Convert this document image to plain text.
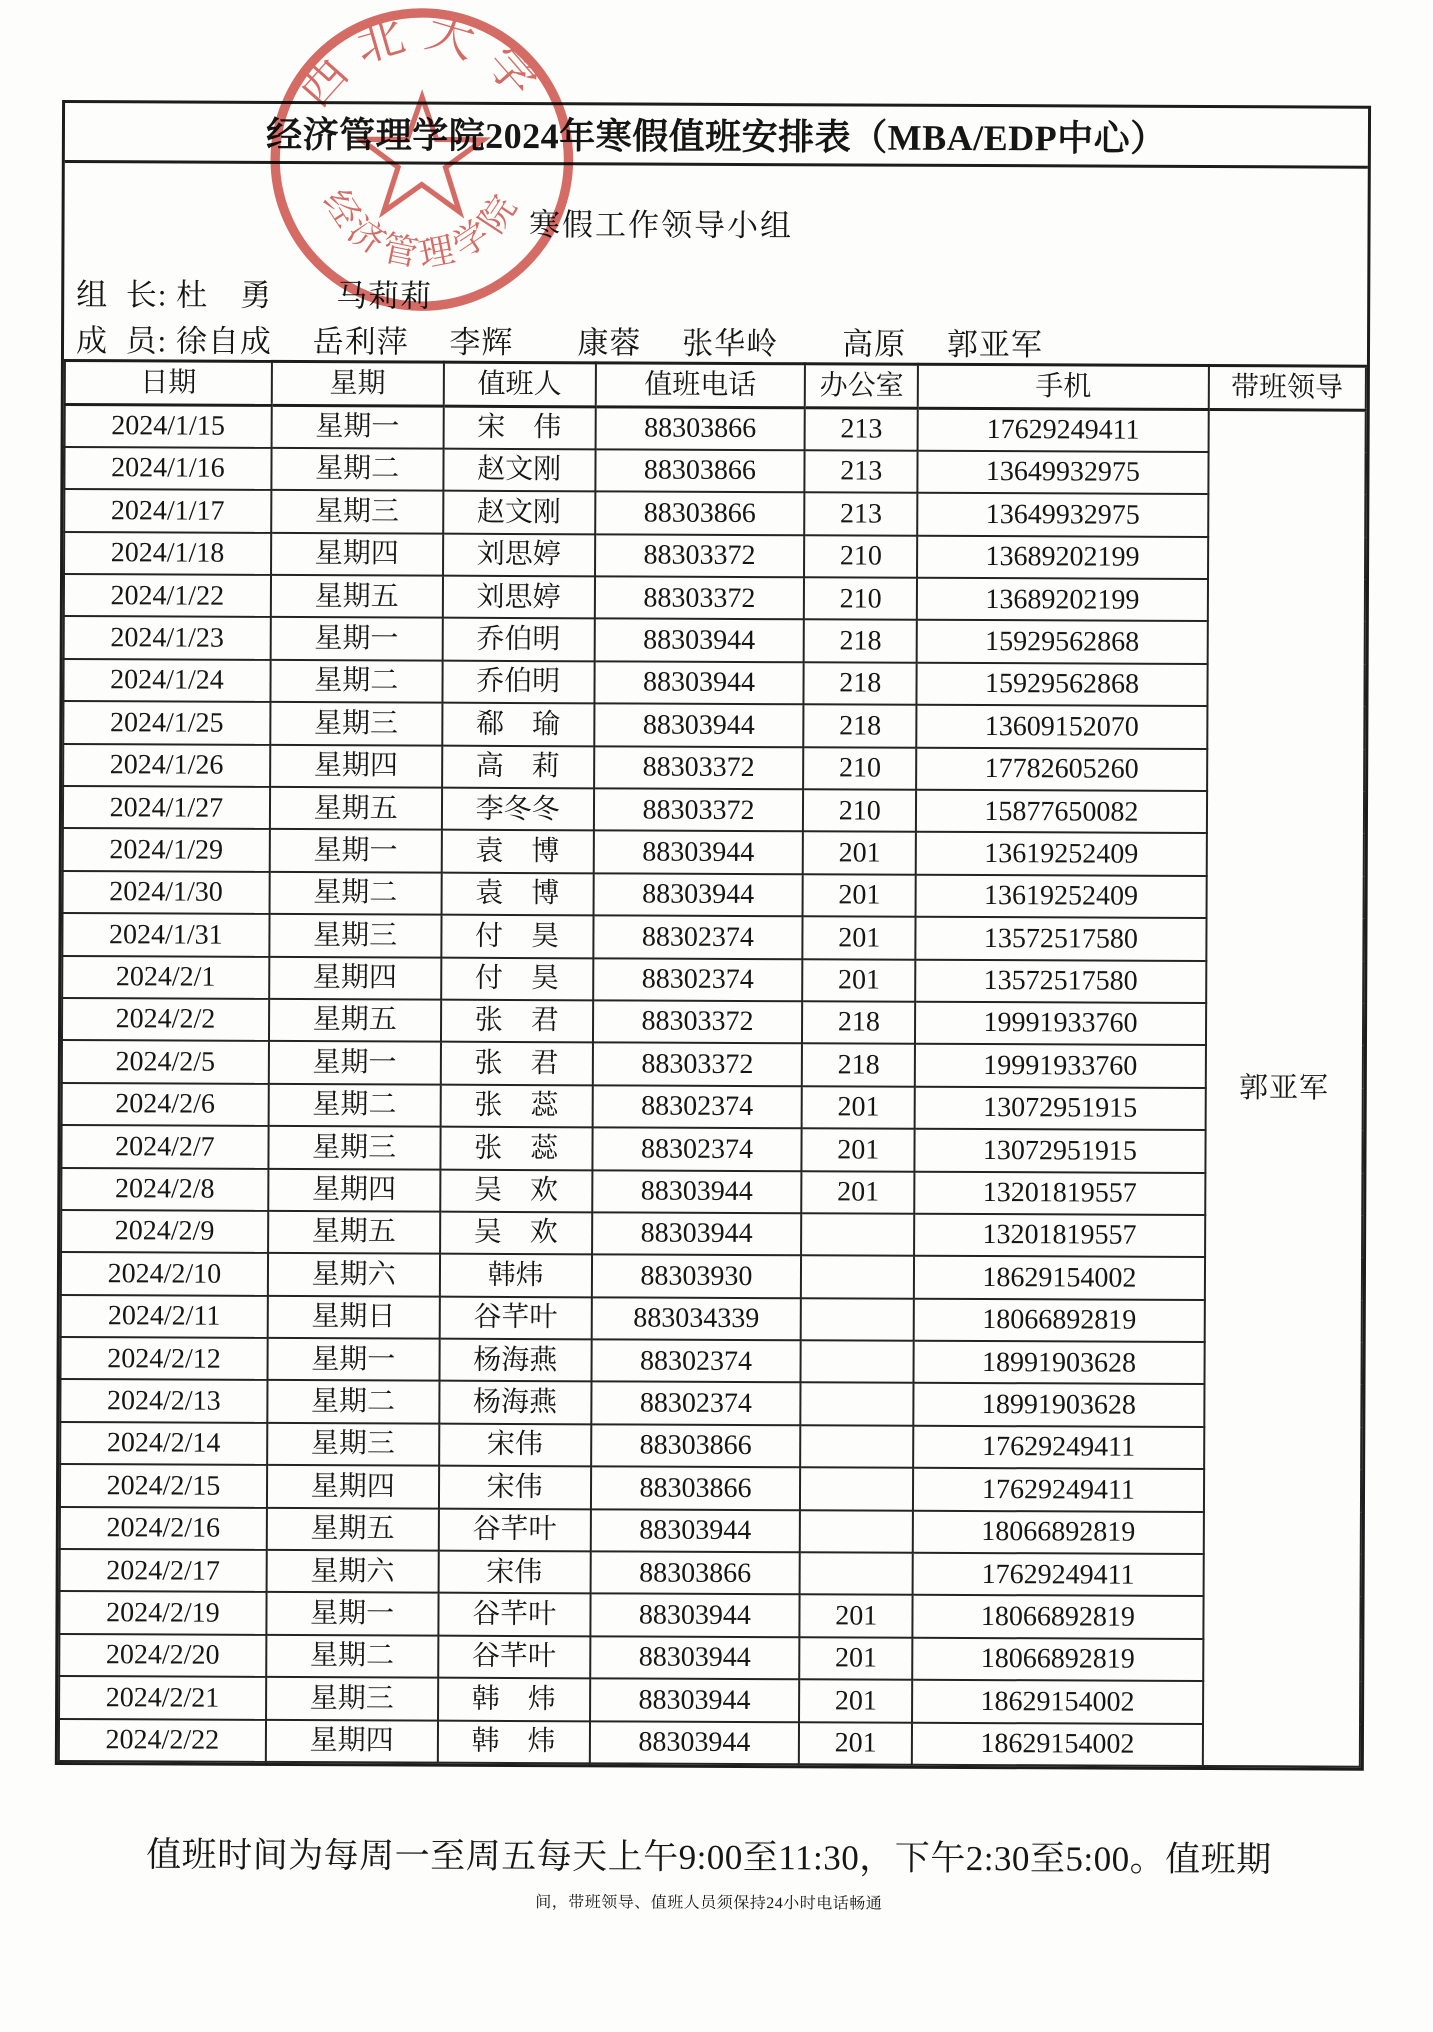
西北大学
经济管理学院
经济管理学院2024年寒假值班安排表（MBA/EDP中心）
寒假工作领导小组
组  长: 杜　勇　　马莉莉
成  员: 徐自成　 岳利萍　 李辉　　康蓉　 张华岭　　高原　 郭亚军
日期	星期	值班人	值班电话	办公室	手机	带班领导
2024/1/15	星期一	宋　伟	88303866	213	17629249411	郭亚军
2024/1/16	星期二	赵文刚	88303866	213	13649932975	
2024/1/17	星期三	赵文刚	88303866	213	13649932975	
2024/1/18	星期四	刘思婷	88303372	210	13689202199	
2024/1/22	星期五	刘思婷	88303372	210	13689202199	
2024/1/23	星期一	乔伯明	88303944	218	15929562868	
2024/1/24	星期二	乔伯明	88303944	218	15929562868	
2024/1/25	星期三	郗　瑜	88303944	218	13609152070	
2024/1/26	星期四	高　莉	88303372	210	17782605260	
2024/1/27	星期五	李冬冬	88303372	210	15877650082	
2024/1/29	星期一	袁　博	88303944	201	13619252409	
2024/1/30	星期二	袁　博	88303944	201	13619252409	
2024/1/31	星期三	付　昊	88302374	201	13572517580	
2024/2/1	星期四	付　昊	88302374	201	13572517580	
2024/2/2	星期五	张　君	88303372	218	19991933760	
2024/2/5	星期一	张　君	88303372	218	19991933760	
2024/2/6	星期二	张　蕊	88302374	201	13072951915	
2024/2/7	星期三	张　蕊	88302374	201	13072951915	
2024/2/8	星期四	吴　欢	88303944	201	13201819557	
2024/2/9	星期五	吴　欢	88303944		13201819557	
2024/2/10	星期六	韩炜	88303930		18629154002	
2024/2/11	星期日	谷芊叶	883034339		18066892819	
2024/2/12	星期一	杨海燕	88302374		18991903628	
2024/2/13	星期二	杨海燕	88302374		18991903628	
2024/2/14	星期三	宋伟	88303866		17629249411	
2024/2/15	星期四	宋伟	88303866		17629249411	
2024/2/16	星期五	谷芊叶	88303944		18066892819	
2024/2/17	星期六	宋伟	88303866		17629249411	
2024/2/19	星期一	谷芊叶	88303944	201	18066892819	
2024/2/20	星期二	谷芊叶	88303944	201	18066892819	
2024/2/21	星期三	韩　炜	88303944	201	18629154002	
2024/2/22	星期四	韩　炜	88303944	201	18629154002	
值班时间为每周一至周五每天上午9:00至11:30，下午2:30至5:00。值班期
间，带班领导、值班人员须保持24小时电话畅通
